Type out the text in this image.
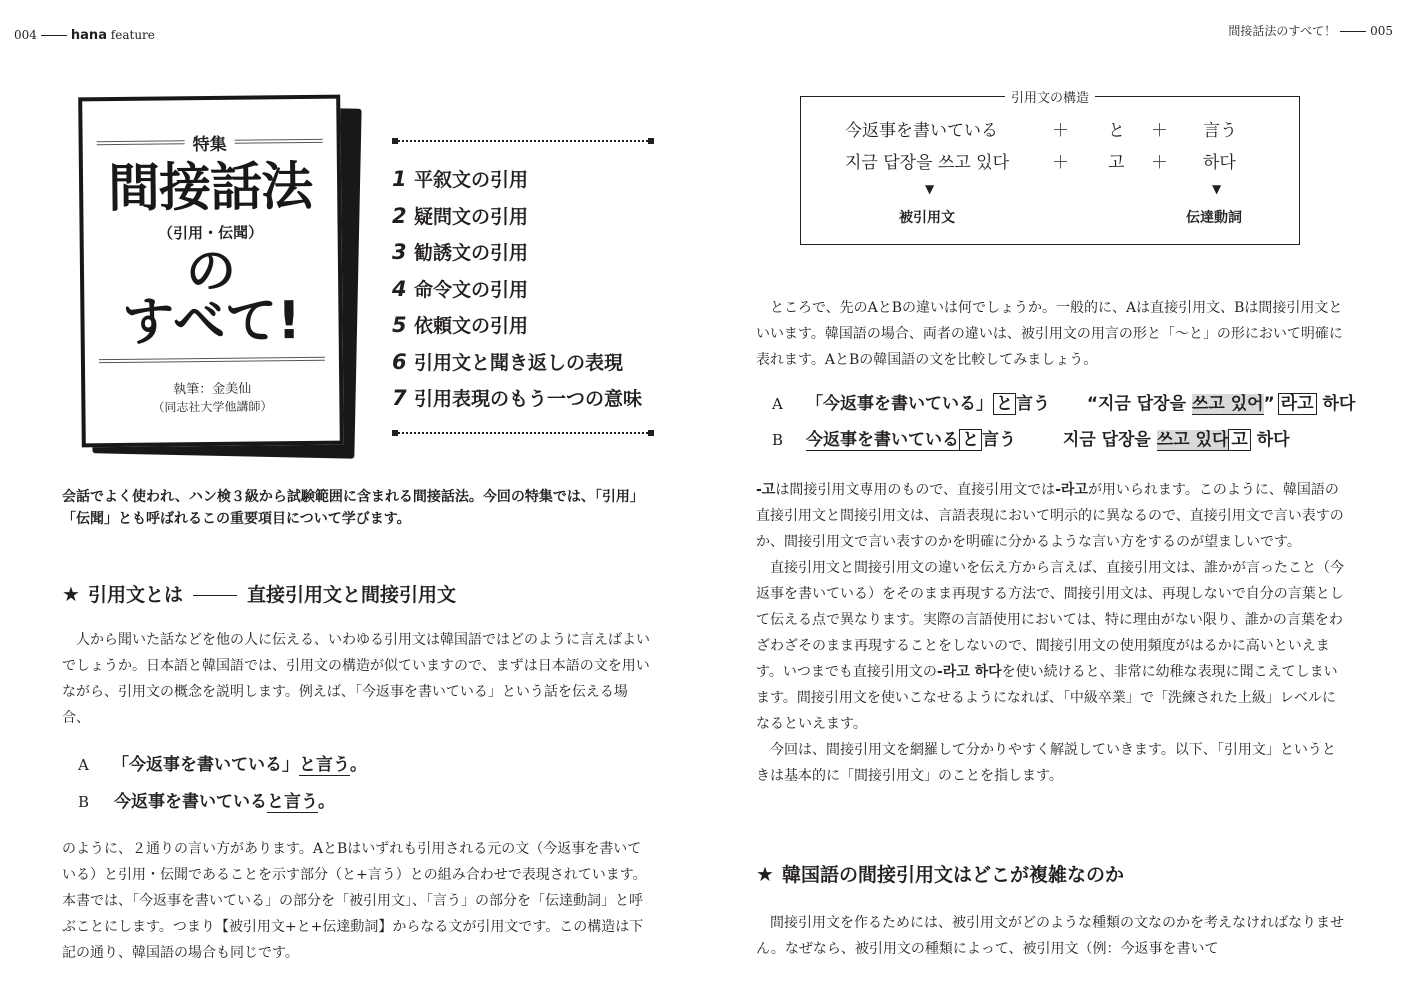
004	hana feature	間接話法のすべて！	005
特集
間接話法
（引用・伝聞）
の
すべて!
執筆：金美仙
（同志社大学他講師）
1 平叙文の引用
2 疑問文の引用
3 勧誘文の引用
4 命令文の引用
5 依頼文の引用
6 引用文と聞き返しの表現
7 引用表現のもう一つの意味
会話でよく使われ、ハン検３級から試験範囲に含まれる間接話法。今回の特集では、「引用」「伝聞」とも呼ばれるこの重要項目について学びます。
★ 引用文とは	直接引用文と間接引用文

人から聞いた話などを他の人に伝える、いわゆる引用文は韓国語ではどのように言えばよいでしょうか。日本語と韓国語では、引用文の構造が似ていますので、まずは日本語の文を用いながら、引用文の概念を説明します。例えば、「今返事を書いている」という話を伝える場合、

A 「今返事を書いている」と言う。
B 今返事を書いていると言う。

のように、２通りの言い方があります。AとBはいずれも引用される元の文（今返事を書いている）と引用・伝聞であることを示す部分（と+言う）との組み合わせで表現されています。本書では、「今返事を書いている」の部分を「被引用文」、「言う」の部分を「伝達動詞」と呼ぶことにします。つまり【被引用文+と+伝達動詞】からなる文が引用文です。この構造は下記の通り、韓国語の場合も同じです。

引用文の構造
今返事を書いている	＋ と ＋ 言う
지금 답장을 쓰고 있다	＋ 고 ＋ 하다
▼	▼
被引用文	伝達動詞

ところで、先のAとBの違いは何でしょうか。一般的に、Aは直接引用文、Bは間接引用文といいます。韓国語の場合、両者の違いは、被引用文の用言の形と「～と」の形において明確に表れます。AとBの韓国語の文を比較してみましょう。

A 「今返事を書いている」 と 言う “지금 답장을 쓰고 있어” 라고 하다
B 今返事を書いている と 言う	지금 답장을 쓰고 있다 고 하다

-고は間接引用文専用のもので、直接引用文では-라고が用いられます。このように、韓国語の直接引用文と間接引用文は、言語表現において明示的に異なるので、直接引用文で言い表すのか、間接引用文で言い表すのかを明確に分かるような言い方をするのが望ましいです。

直接引用文と間接引用文の違いを伝え方から言えば、直接引用文は、誰かが言ったこと（今返事を書いている）をそのまま再現する方法で、間接引用文は、再現しないで自分の言葉として伝える点で異なります。実際の言語使用においては、特に理由がない限り、誰かの言葉をわざわざそのまま再現することをしないので、間接引用文の使用頻度がはるかに高いといえます。いつまでも直接引用文の-라고 하다を使い続けると、非常に幼稚な表現に聞こえてしまいます。間接引用文を使いこなせるようになれば、「中級卒業」で「洗練された上級」レベルになるといえます。

今回は、間接引用文を網羅して分かりやすく解説していきます。以下、「引用文」というときは基本的に「間接引用文」のことを指します。

★ 韓国語の間接引用文はどこが複雑なのか

間接引用文を作るためには、被引用文がどのような種類の文なのかを考えなければなりません。なぜなら、被引用文の種類によって、被引用文（例：今返事を書いて
